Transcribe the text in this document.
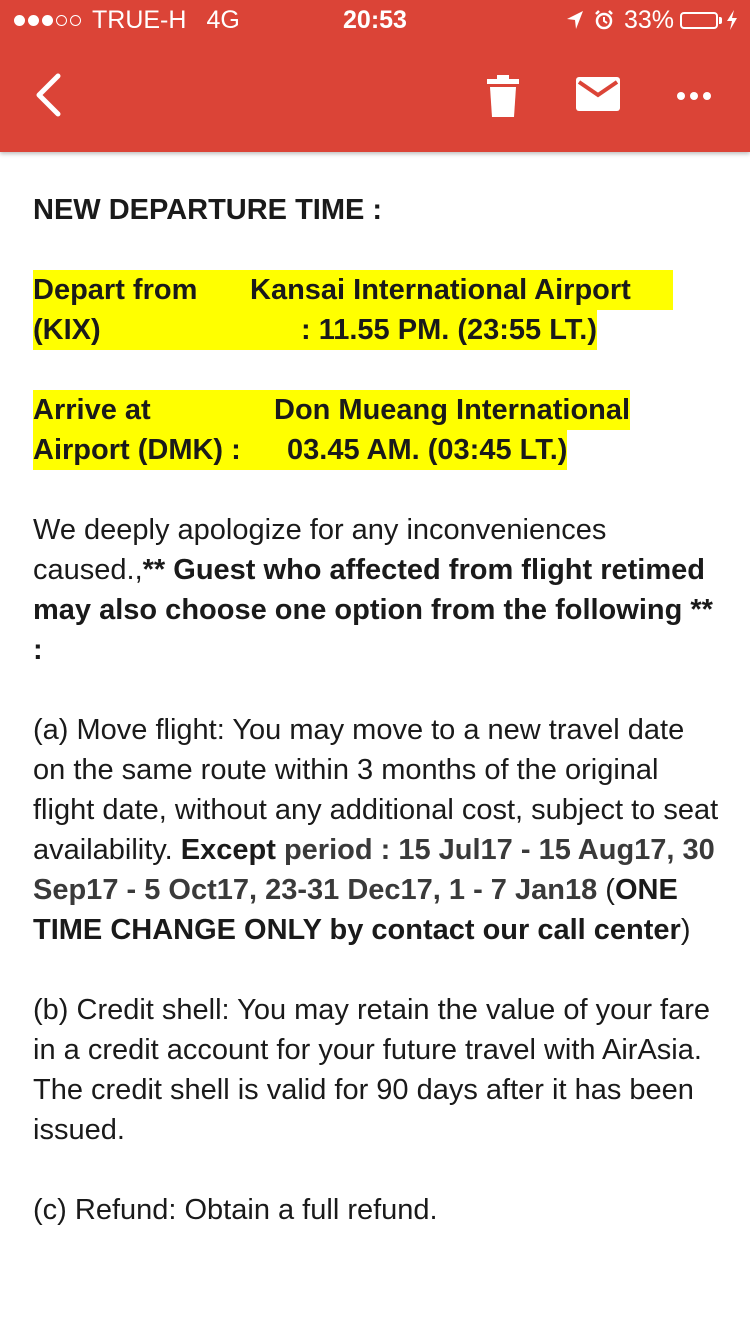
TRUE-H 4G	20:53	33%
NEW DEPARTURE TIME :
Depart from	Kansai International Airport
(KIX)	: 11.55 PM. (23:55 LT.)
Arrive at	Don Mueang International
Airport (DMK) :	03.45 AM. (03:45 LT.)

We deeply apologize for any inconveniences caused.,** Guest who affected from flight retimed may also choose one option from the following ** :

(a) Move flight: You may move to a new travel date on the same route within 3 months of the original flight date, without any additional cost, subject to seat availability. Except period : 15 Jul17 - 15 Aug17, 30 Sep17 - 5 Oct17, 23-31 Dec17, 1 - 7 Jan18 (ONE TIME CHANGE ONLY by contact our call center)

(b) Credit shell: You may retain the value of your fare in a credit account for your future travel with AirAsia. The credit shell is valid for 90 days after it has been issued.

(c) Refund: Obtain a full refund.
